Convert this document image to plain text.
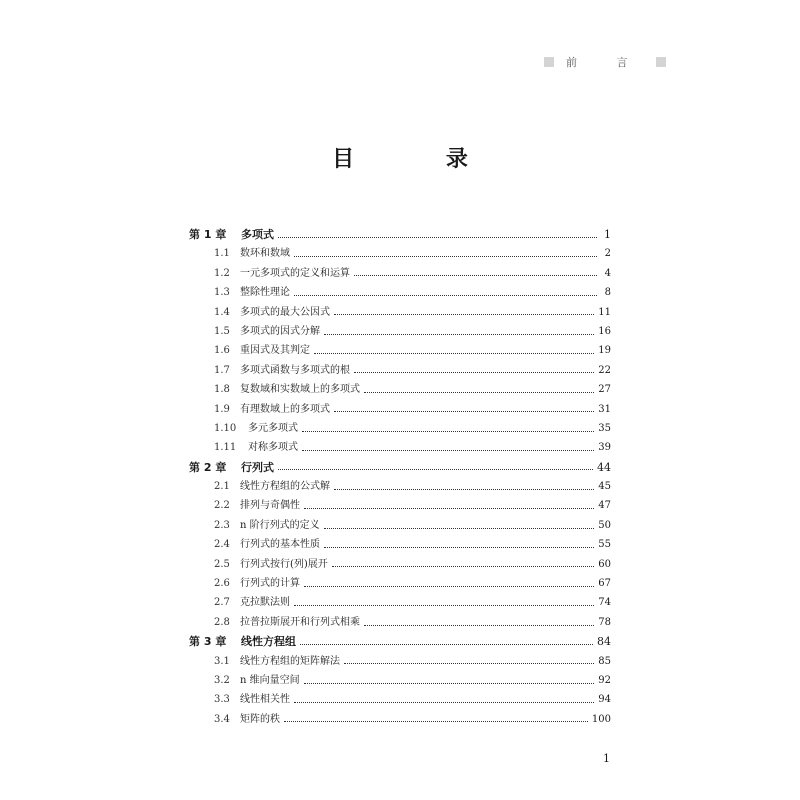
前 言
目 录
第 1 章	多项式	1
1.1	数环和数域	2
1.2	一元多项式的定义和运算	4
1.3	整除性理论	8
1.4	多项式的最大公因式	11
1.5	多项式的因式分解	16
1.6	重因式及其判定	19
1.7	多项式函数与多项式的根	22
1.8	复数域和实数域上的多项式	27
1.9	有理数域上的多项式	31
1.10	多元多项式	35
1.11	对称多项式	39
第 2 章	行列式	44
2.1	线性方程组的公式解	45
2.2	排列与奇偶性	47
2.3	n 阶行列式的定义	50
2.4	行列式的基本性质	55
2.5	行列式按行(列)展开	60
2.6	行列式的计算	67
2.7	克拉默法则	74
2.8	拉普拉斯展开和行列式相乘	78
第 3 章	线性方程组	84
3.1	线性方程组的矩阵解法	85
3.2	n 维向量空间	92
3.3	线性相关性	94
3.4	矩阵的秩	100
1
